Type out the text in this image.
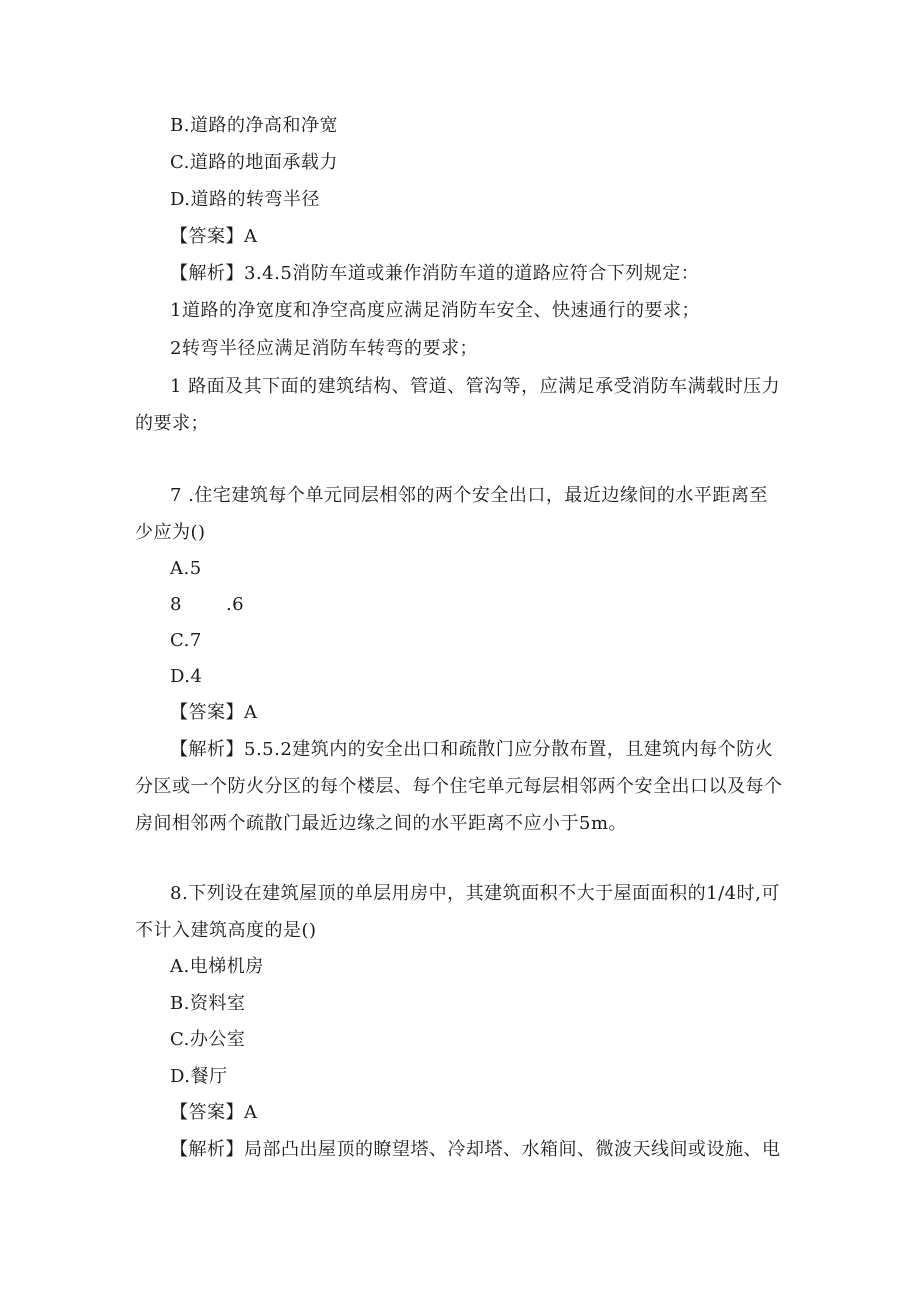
B.道路的净高和净宽
C.道路的地面承载力
D.道路的转弯半径
【答案】A
【解析】3.4.5消防车道或兼作消防车道的道路应符合下列规定：
1道路的净宽度和净空高度应满足消防车安全、快速通行的要求；
2转弯半径应满足消防车转弯的要求；
1 路面及其下面的建筑结构、管道、管沟等，应满足承受消防车满载时压力
的要求；
7 .住宅建筑每个单元同层相邻的两个安全出口，最近边缘间的水平距离至
少应为()
A.5
8 .6
C.7
D.4
【答案】A
【解析】5.5.2建筑内的安全出口和疏散门应分散布置，且建筑内每个防火
分区或一个防火分区的每个楼层、每个住宅单元每层相邻两个安全出口以及每个
房间相邻两个疏散门最近边缘之间的水平距离不应小于5m。
8.下列设在建筑屋顶的单层用房中，其建筑面积不大于屋面面积的1/4时,可
不计入建筑高度的是()
A.电梯机房
B.资料室
C.办公室
D.餐厅
【答案】A
【解析】局部凸出屋顶的瞭望塔、冷却塔、水箱间、微波天线间或设施、电
